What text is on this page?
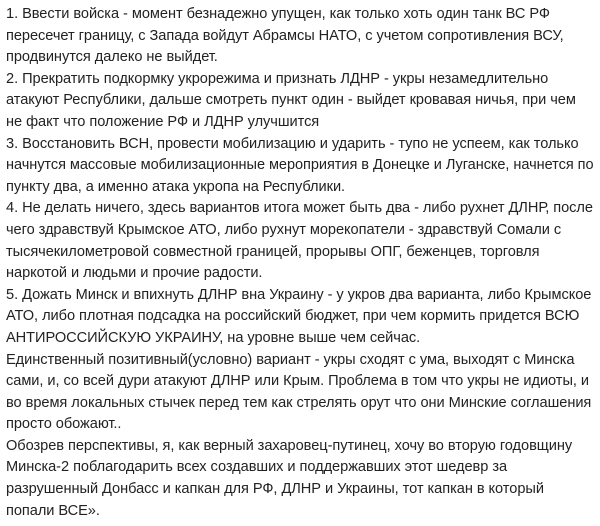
1. Ввести войска - момент безнадежно упущен, как только хоть один танк ВС РФ
пересечет границу, с Запада войдут Абрамсы НАТО, с учетом сопротивления ВСУ,
продвинутся далеко не выйдет.
2. Прекратить подкормку укрорежима и признать ЛДНР - укры незамедлительно
атакуют Республики, дальше смотреть пункт один - выйдет кровавая ничья, при чем
не факт что положение РФ и ЛДНР улучшится
3. Восстановить ВСН, провести мобилизацию и ударить - тупо не успеем, как только
начнутся массовые мобилизационные мероприятия в Донецке и Луганске, начнется по
пункту два, а именно атака укропа на Республики.
4. Не делать ничего, здесь вариантов итога может быть два - либо рухнет ДЛНР, после
чего здравствуй Крымское АТО, либо рухнут морекопатели - здравствуй Сомали с
тысячекилометровой совместной границей, прорывы ОПГ, беженцев, торговля
наркотой и людьми и прочие радости.
5. Дожать Минск и впихнуть ДЛНР вна Украину - у укров два варианта, либо Крымское
АТО, либо плотная подсадка на российский бюджет, при чем кормить придется ВСЮ
АНТИРОССИЙСКУЮ УКРАИНУ, на уровне выше чем сейчас.
Единственный позитивный(условно) вариант - укры сходят с ума, выходят с Минска
сами, и, со всей дури атакуют ДЛНР или Крым. Проблема в том что укры не идиоты, и
во время локальных стычек перед тем как стрелять орут что они Минские соглашения
просто обожают..
Обозрев перспективы, я, как верный захаровец-путинец, хочу во вторую годовщину
Минска-2 поблагодарить всех создавших и поддержавших этот шедевр за
разрушенный Донбасс и капкан для РФ, ДЛНР и Украины, тот капкан в который
попали ВСЕ».
